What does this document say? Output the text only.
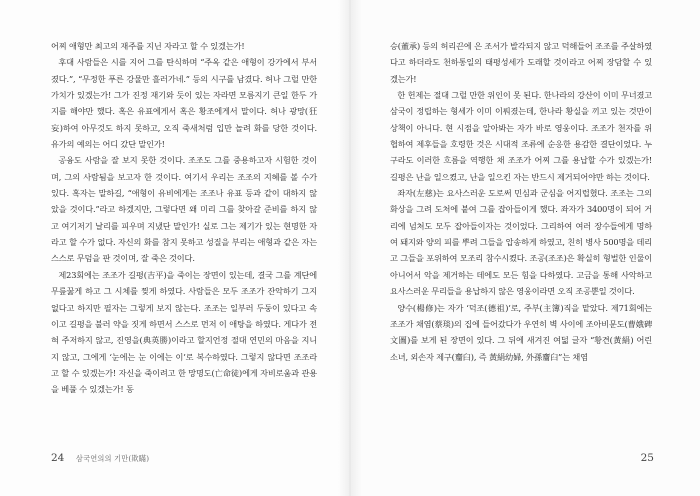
어찌 애형만 최고의 재주를 지닌 자라고 할 수 있겠는가!

후대 사람들은 시를 지어 그를 탄식하며 “주옥 같은 애형이 강가에서 부서졌다.”, “무정한 푸른 강물만 흘러가네.” 등의 시구를 남겼다. 허나 그럴 만한 가치가 있겠는가! 그가 진정 재기와 듯이 있는 자라면 모름지기 큰일 한두 가지를 해야만 했다. 혹은 유표에게서 혹은 황조에게서 말이다. 허나 광망(狂妄)하여 아무것도 하지 못하고, 오직 죽새처럼 입만 놀려 화를 당한 것이다. 유가의 예의는 어디 갔단 말인가!

공융도 사람을 잘 보지 못한 것이다. 조조도 그를 중용하고자 시험한 것이며, 그의 사람됨을 보고자 한 것이다. 여기서 우리는 조조의 지혜를 볼 수가 있다. 혹자는 말하길, “애형이 유비에게는 조조나 유표 등과 같이 대하지 않았을 것이다.”라고 하겠지만, 그렇다면 왜 미리 그를 찾아갈 준비를 하지 않고 여기저기 날리를 피우며 지냈단 말인가! 실로 그는 제기가 있는 현명한 자라고 할 수가 없다. 자신의 화를 참지 못하고 성질을 부리는 애형과 같은 자는 스스로 무덤을 판 것이며, 잘 죽은 것이다.

제23회에는 조조가 길평(吉平)을 죽이는 장면이 있는데, 결국 그를 계단에 무릎꿇게 하고 그 시체를 찢게 하였다. 사람들은 모두 조조가 잔악하기 그지없다고 하지만 필자는 그렇게 보지 않는다. 조조는 일부러 두둥이 있다고 속이고 길평을 불러 약을 짓게 하면서 스스로 먼저 이 애탕을 하였다. 게다가 전혀 주저하지 않고, 진영을(典英勝)이라고 할지언정 절대 연민의 마음을 지니지 않고, 그에게 ‘눈에는 눈 이에는 이’로 복수하였다. 그렇지 않다면 조조라고 할 수 있겠는가! 자신을 죽이려고 한 망명도(亡命徒)에게 자비로움과 관용을 베풀 수 있겠는가! 동

24 삼국연의의 기만(欺瞞)

승(董承) 등의 허리끈에 은 조서가 발각되지 않고 덕해들어 조조를 주살하였다고 하더라도 천하통일의 태평성세가 도래할 것이라고 어찌 장담할 수 있겠는가!

한 헌제는 절대 그럴 만한 위인이 못 된다. 한나라의 강산이 이미 무너졌고 삼국이 정립하는 형세가 이미 이뤄졌는데, 한나라 황실을 끼고 있는 것만이 상책이 아니다. 현 시점을 알아봐는 자가 바로 영웅이다. 조조가 천자를 위협하여 제후들을 호령한 것은 시대적 조류에 순응한 용감한 결단이었다. 누구라도 이러한 흐름을 역행한 채 조조가 어찌 그를 용납할 수가 있겠는가! 길평은 난을 일으켰고, 난을 일으킨 자는 반드시 제거되어야만 하는 것이다.

좌자(左慈)는 요사스러운 도로써 민심과 군심을 어지럽혔다. 조조는 그의 화상을 그려 도처에 붙여 그를 잡아들이게 했다. 좌자가 3400명이 되어 거리에 넘쳐도 모두 잡아들이자는 것이었다. 그리하여 여러 장수들에게 명하여 돼지와 양의 피를 뿌려 그들을 압송하게 하였고, 친히 병사 500명을 데리고 그들을 포위하여 모조리 참수시켰다. 조공(조조)은 확실히 형벌한 인물이 아니어서 악을 제거하는 데에도 모든 힘을 다하였다. 고금을 통해 사악하고 요사스러운 무리들을 용납하지 않은 영웅이라면 오직 조공뿐일 것이다.

양수(楊修)는 자가 ‘덕조(德祖)’로, 주부(主簿)직을 맡았다. 제71회에는 조조가 채염(蔡琰)의 집에 들어갔다가 우연히 벽 사이에 조아비문도(曹娥碑文圖)를 보게 된 장면이 있다. 그 뒤에 새겨진 여덟 글자 “황견(黃絹) 어린 소녀, 외손자 제구(齏臼), 즉 黃絹幼婦, 外孫齏臼”는 채염

25
